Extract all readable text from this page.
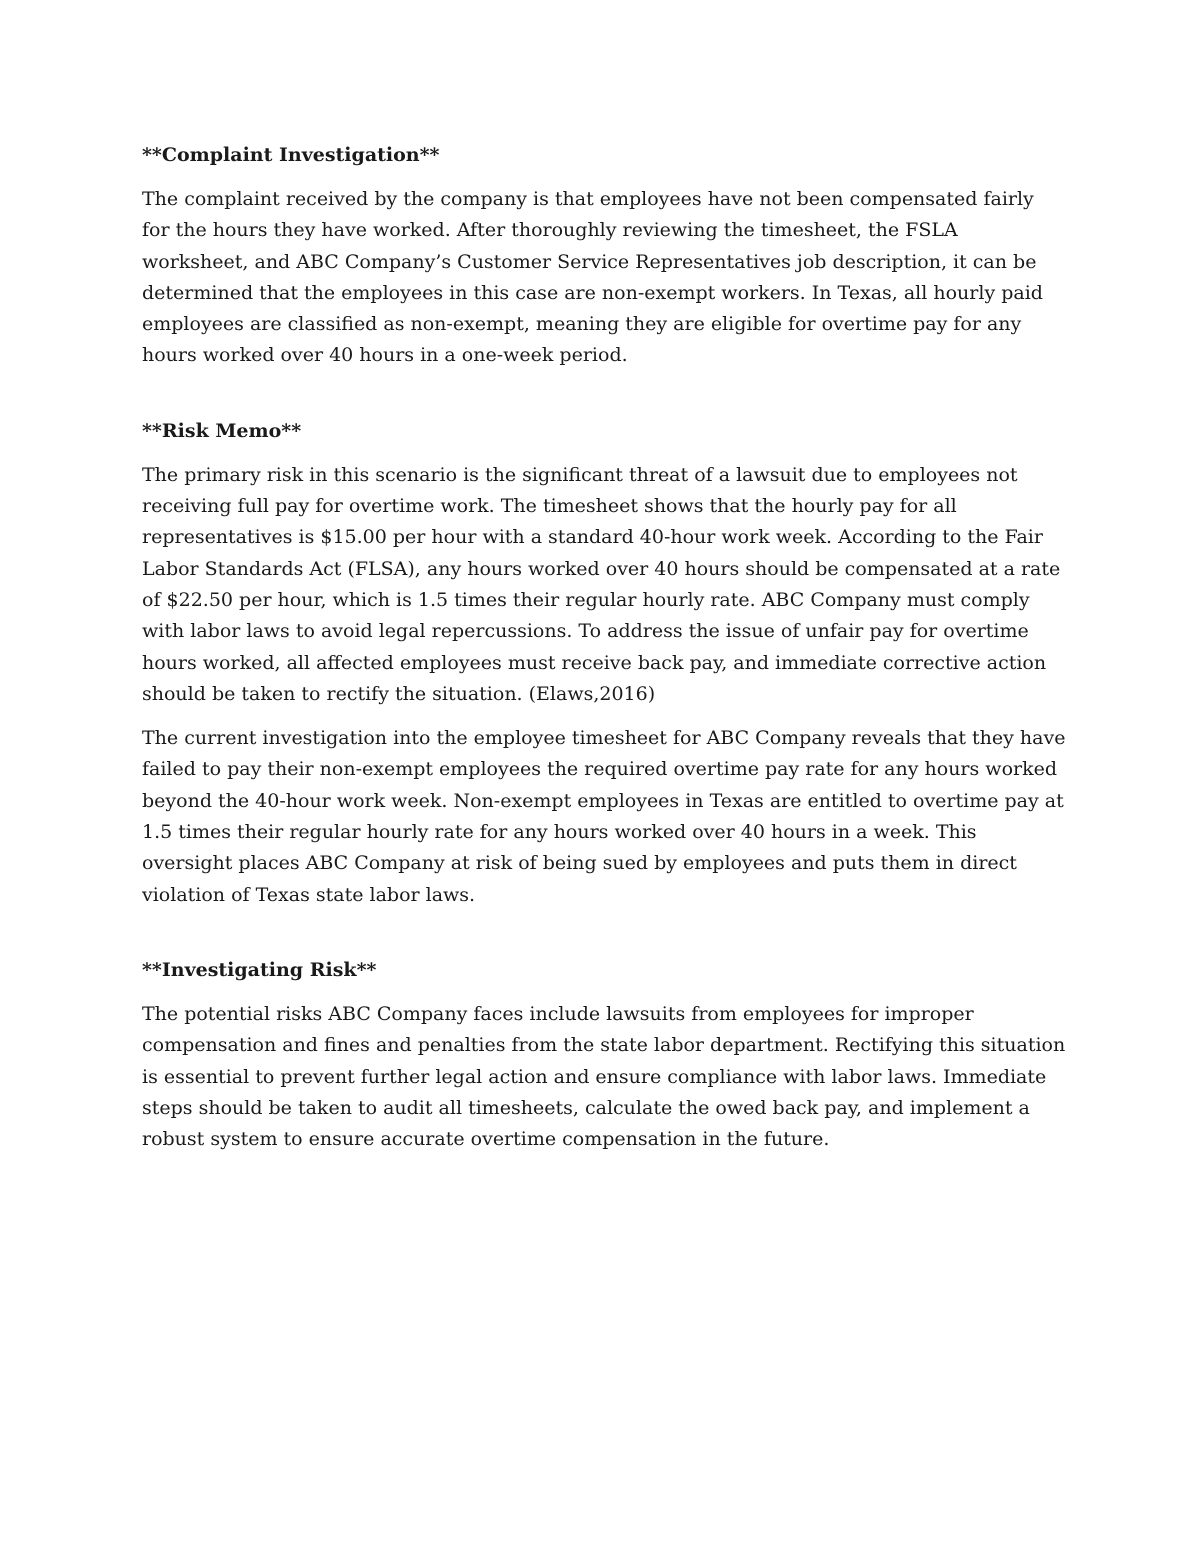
**Complaint Investigation**

The complaint received by the company is that employees have not been compensated fairly for the hours they have worked. After thoroughly reviewing the timesheet, the FSLA worksheet, and ABC Company’s Customer Service Representatives job description, it can be determined that the employees in this case are non-exempt workers. In Texas, all hourly paid employees are classified as non-exempt, meaning they are eligible for overtime pay for any hours worked over 40 hours in a one-week period.

**Risk Memo**

The primary risk in this scenario is the significant threat of a lawsuit due to employees not receiving full pay for overtime work. The timesheet shows that the hourly pay for all representatives is $15.00 per hour with a standard 40-hour work week. According to the Fair Labor Standards Act (FLSA), any hours worked over 40 hours should be compensated at a rate of $22.50 per hour, which is 1.5 times their regular hourly rate. ABC Company must comply with labor laws to avoid legal repercussions. To address the issue of unfair pay for overtime hours worked, all affected employees must receive back pay, and immediate corrective action should be taken to rectify the situation. (Elaws,2016)

The current investigation into the employee timesheet for ABC Company reveals that they have failed to pay their non-exempt employees the required overtime pay rate for any hours worked beyond the 40-hour work week. Non-exempt employees in Texas are entitled to overtime pay at 1.5 times their regular hourly rate for any hours worked over 40 hours in a week. This oversight places ABC Company at risk of being sued by employees and puts them in direct violation of Texas state labor laws.

**Investigating Risk**

The potential risks ABC Company faces include lawsuits from employees for improper compensation and fines and penalties from the state labor department. Rectifying this situation is essential to prevent further legal action and ensure compliance with labor laws. Immediate steps should be taken to audit all timesheets, calculate the owed back pay, and implement a robust system to ensure accurate overtime compensation in the future.
